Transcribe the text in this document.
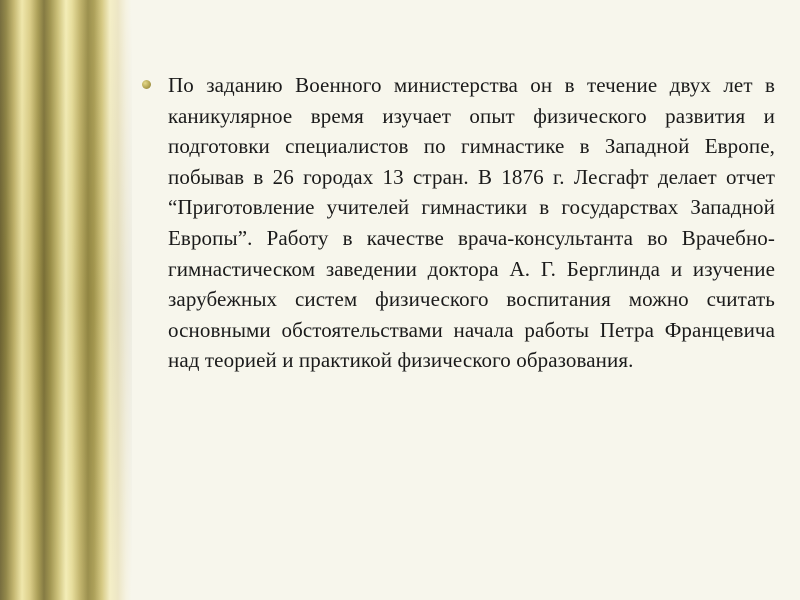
По заданию Военного министерства он в течение двух лет в каникулярное время изучает опыт физического развития и подготовки специалистов по гимнастике в Западной Европе, побывав в 26 городах 13 стран. В 1876 г. Лесгафт делает отчет “Приготовление учителей гимнастики в государствах Западной Европы”. Работу в качестве врача-консультанта во Врачебно-гимнастическом заведении доктора А. Г. Берглинда и изучение зарубежных систем физического воспитания можно считать основными обстоятельствами начала работы Петра Францевича над теорией и практикой физического образования.
